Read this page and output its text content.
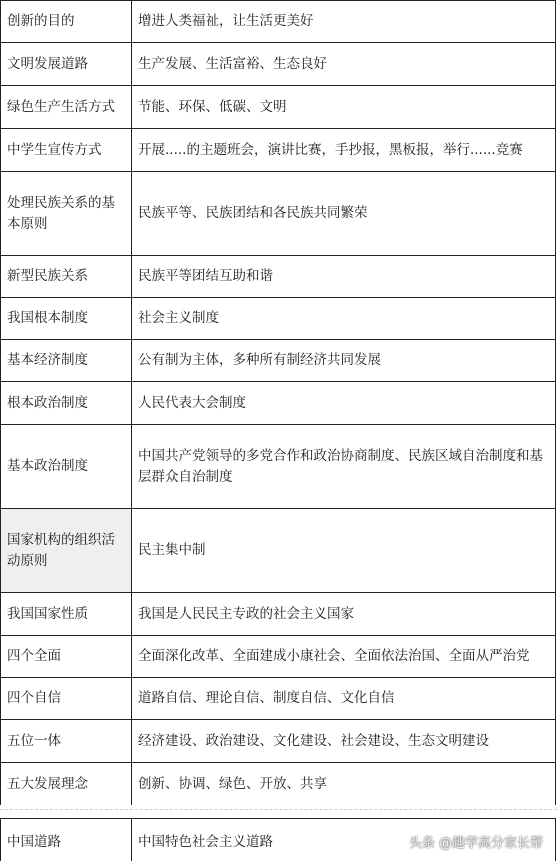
创新的目的	增进人类福祉，让生活更美好
文明发展道路	生产发展、生活富裕、生态良好
绿色生产生活方式	节能、环保、低碳、文明
中学生宣传方式	开展.....的主题班会，演讲比赛，手抄报，黑板报，举行......竞赛
处理民族关系的基本原则	民族平等、民族团结和各民族共同繁荣
新型民族关系	民族平等团结互助和谐
我国根本制度	社会主义制度
基本经济制度	公有制为主体，多种所有制经济共同发展
根本政治制度	人民代表大会制度
基本政治制度	中国共产党领导的多党合作和政治协商制度、民族区域自治制度和基层群众自治制度
国家机构的组织活动原则	民主集中制
我国国家性质	我国是人民民主专政的社会主义国家
四个全面	全面深化改革、全面建成小康社会、全面依法治国、全面从严治党
四个自信	道路自信、理论自信、制度自信、文化自信
五位一体	经济建设、政治建设、文化建设、社会建设、生态文明建设
五大发展理念	创新、协调、绿色、开放、共享
中国道路	中国特色社会主义道路	头条 @趣学高分家长帮
